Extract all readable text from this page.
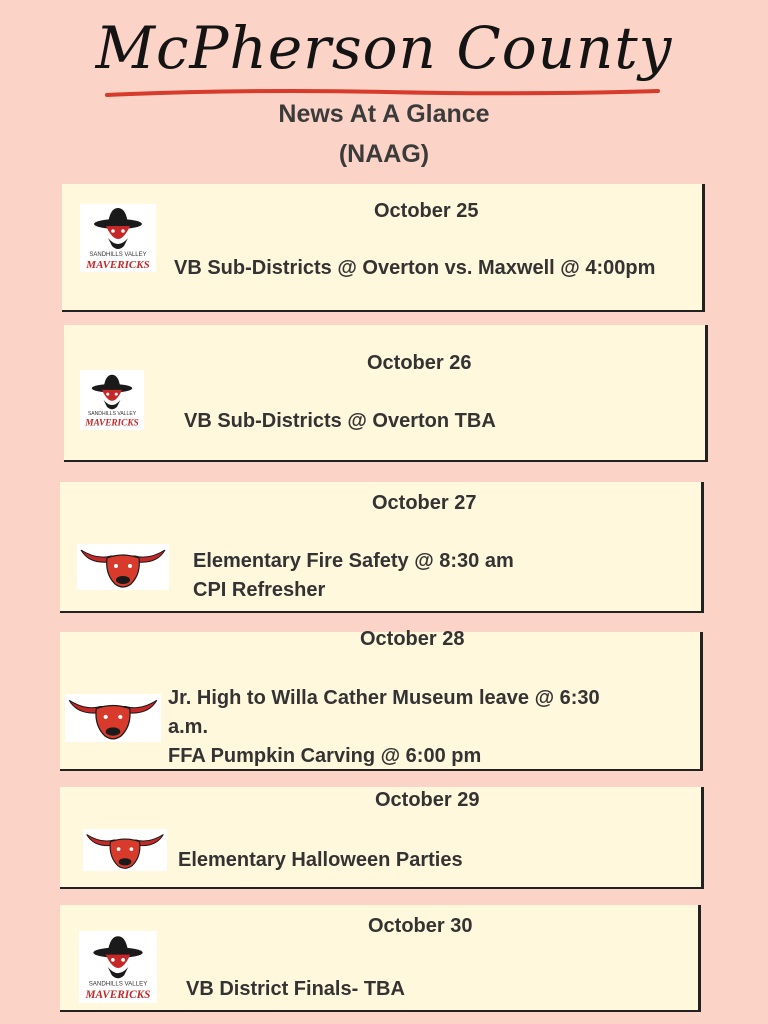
McPherson County
News At A Glance
(NAAG)
SANDHILLS VALLEY
MAVERICKS
October 25
VB Sub-Districts @ Overton vs. Maxwell @ 4:00pm
SANDHILLS VALLEY
MAVERICKS
October 26
VB Sub-Districts @ Overton TBA
October 27
Elementary Fire Safety @ 8:30 am
CPI Refresher
October 28
Jr. High to Willa Cather Museum leave @ 6:30
a.m.
FFA Pumpkin Carving @ 6:00 pm
October 29
Elementary Halloween Parties
SANDHILLS VALLEY
MAVERICKS
October 30
VB District Finals- TBA
